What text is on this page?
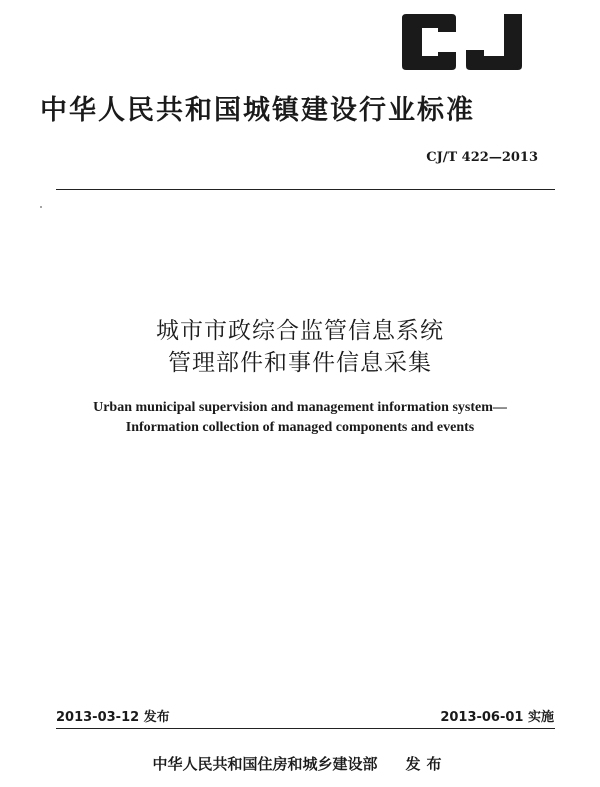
中华人民共和国城镇建设行业标准
CJ/T 422—2013
城市市政综合监管信息系统
管理部件和事件信息采集
Urban municipal supervision and management information system—
Information collection of managed components and events
2013-03-12 发布	2013-06-01 实施
中华人民共和国住房和城乡建设部 发布
